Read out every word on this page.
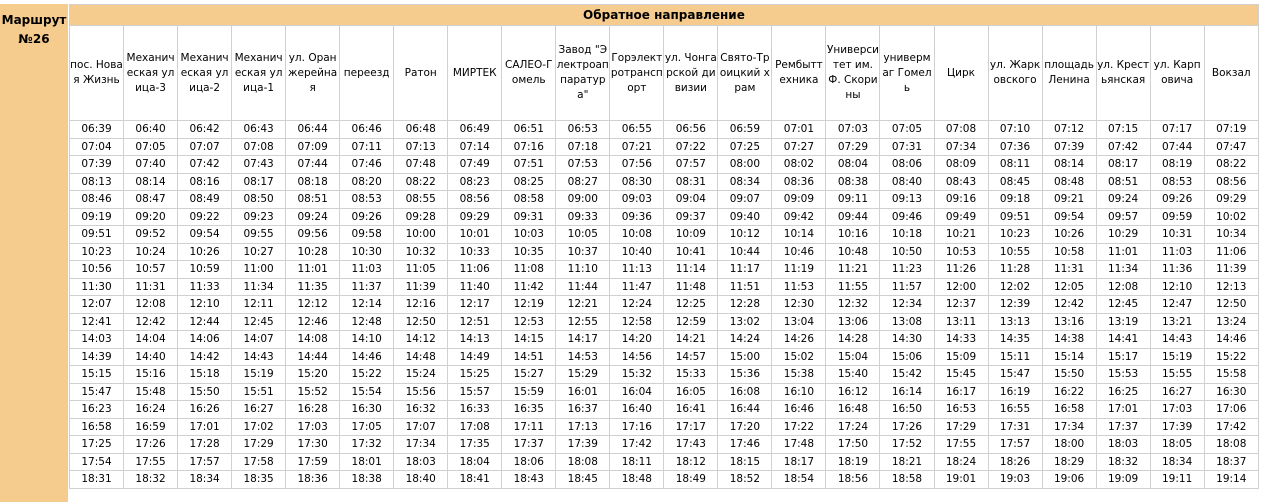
Маршрут
№26
Обратное направление																					
пос. Новая Жизнь	Механическая улица-3	Механическая улица-2	Механическая улица-1	ул. Оранжерейная	переезд	Ратон	МИРТЕК	САЛЕО-Гомель	Завод "Электроаппаратура"	Горэлектротранспорт	ул. Чонгарской дивизии	Свято-Троицкий храм	Рембыттехника	Университет им. Ф. Скорины	универмаг Гомель	Цирк	ул. Жарковского	площадь Ленина	ул. Крестьянская	ул. Карповича	Вокзал
06:39	06:40	06:42	06:43	06:44	06:46	06:48	06:49	06:51	06:53	06:55	06:56	06:59	07:01	07:03	07:05	07:08	07:10	07:12	07:15	07:17	07:19
07:04	07:05	07:07	07:08	07:09	07:11	07:13	07:14	07:16	07:18	07:21	07:22	07:25	07:27	07:29	07:31	07:34	07:36	07:39	07:42	07:44	07:47
07:39	07:40	07:42	07:43	07:44	07:46	07:48	07:49	07:51	07:53	07:56	07:57	08:00	08:02	08:04	08:06	08:09	08:11	08:14	08:17	08:19	08:22
08:13	08:14	08:16	08:17	08:18	08:20	08:22	08:23	08:25	08:27	08:30	08:31	08:34	08:36	08:38	08:40	08:43	08:45	08:48	08:51	08:53	08:56
08:46	08:47	08:49	08:50	08:51	08:53	08:55	08:56	08:58	09:00	09:03	09:04	09:07	09:09	09:11	09:13	09:16	09:18	09:21	09:24	09:26	09:29
09:19	09:20	09:22	09:23	09:24	09:26	09:28	09:29	09:31	09:33	09:36	09:37	09:40	09:42	09:44	09:46	09:49	09:51	09:54	09:57	09:59	10:02
09:51	09:52	09:54	09:55	09:56	09:58	10:00	10:01	10:03	10:05	10:08	10:09	10:12	10:14	10:16	10:18	10:21	10:23	10:26	10:29	10:31	10:34
10:23	10:24	10:26	10:27	10:28	10:30	10:32	10:33	10:35	10:37	10:40	10:41	10:44	10:46	10:48	10:50	10:53	10:55	10:58	11:01	11:03	11:06
10:56	10:57	10:59	11:00	11:01	11:03	11:05	11:06	11:08	11:10	11:13	11:14	11:17	11:19	11:21	11:23	11:26	11:28	11:31	11:34	11:36	11:39
11:30	11:31	11:33	11:34	11:35	11:37	11:39	11:40	11:42	11:44	11:47	11:48	11:51	11:53	11:55	11:57	12:00	12:02	12:05	12:08	12:10	12:13
12:07	12:08	12:10	12:11	12:12	12:14	12:16	12:17	12:19	12:21	12:24	12:25	12:28	12:30	12:32	12:34	12:37	12:39	12:42	12:45	12:47	12:50
12:41	12:42	12:44	12:45	12:46	12:48	12:50	12:51	12:53	12:55	12:58	12:59	13:02	13:04	13:06	13:08	13:11	13:13	13:16	13:19	13:21	13:24
14:03	14:04	14:06	14:07	14:08	14:10	14:12	14:13	14:15	14:17	14:20	14:21	14:24	14:26	14:28	14:30	14:33	14:35	14:38	14:41	14:43	14:46
14:39	14:40	14:42	14:43	14:44	14:46	14:48	14:49	14:51	14:53	14:56	14:57	15:00	15:02	15:04	15:06	15:09	15:11	15:14	15:17	15:19	15:22
15:15	15:16	15:18	15:19	15:20	15:22	15:24	15:25	15:27	15:29	15:32	15:33	15:36	15:38	15:40	15:42	15:45	15:47	15:50	15:53	15:55	15:58
15:47	15:48	15:50	15:51	15:52	15:54	15:56	15:57	15:59	16:01	16:04	16:05	16:08	16:10	16:12	16:14	16:17	16:19	16:22	16:25	16:27	16:30
16:23	16:24	16:26	16:27	16:28	16:30	16:32	16:33	16:35	16:37	16:40	16:41	16:44	16:46	16:48	16:50	16:53	16:55	16:58	17:01	17:03	17:06
16:58	16:59	17:01	17:02	17:03	17:05	17:07	17:08	17:11	17:13	17:16	17:17	17:20	17:22	17:24	17:26	17:29	17:31	17:34	17:37	17:39	17:42
17:25	17:26	17:28	17:29	17:30	17:32	17:34	17:35	17:37	17:39	17:42	17:43	17:46	17:48	17:50	17:52	17:55	17:57	18:00	18:03	18:05	18:08
17:54	17:55	17:57	17:58	17:59	18:01	18:03	18:04	18:06	18:08	18:11	18:12	18:15	18:17	18:19	18:21	18:24	18:26	18:29	18:32	18:34	18:37
18:31	18:32	18:34	18:35	18:36	18:38	18:40	18:41	18:43	18:45	18:48	18:49	18:52	18:54	18:56	18:58	19:01	19:03	19:06	19:09	19:11	19:14
